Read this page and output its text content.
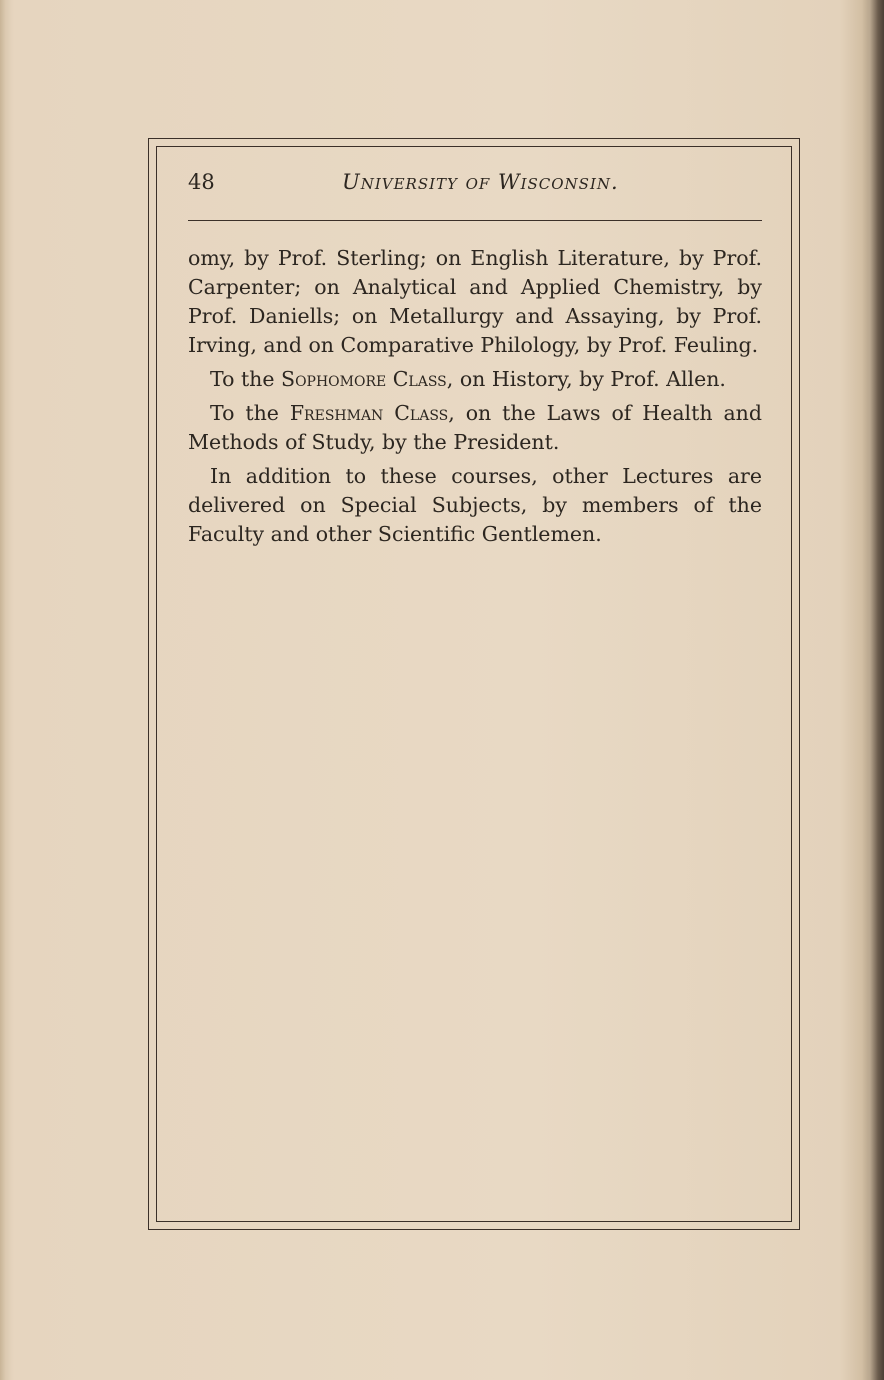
48	University of Wisconsin.

omy, by Prof. Sterling; on English Literature, by Prof. Carpenter; on Analytical and Applied Chemistry, by Prof. Daniells; on Metallurgy and Assaying, by Prof. Irving, and on Comparative Philology, by Prof. Feuling.

To the Sophomore Class, on History, by Prof. Allen.

To the Freshman Class, on the Laws of Health and Methods of Study, by the President.

In addition to these courses, other Lectures are delivered on Special Subjects, by members of the Faculty and other Scientific Gentlemen.
